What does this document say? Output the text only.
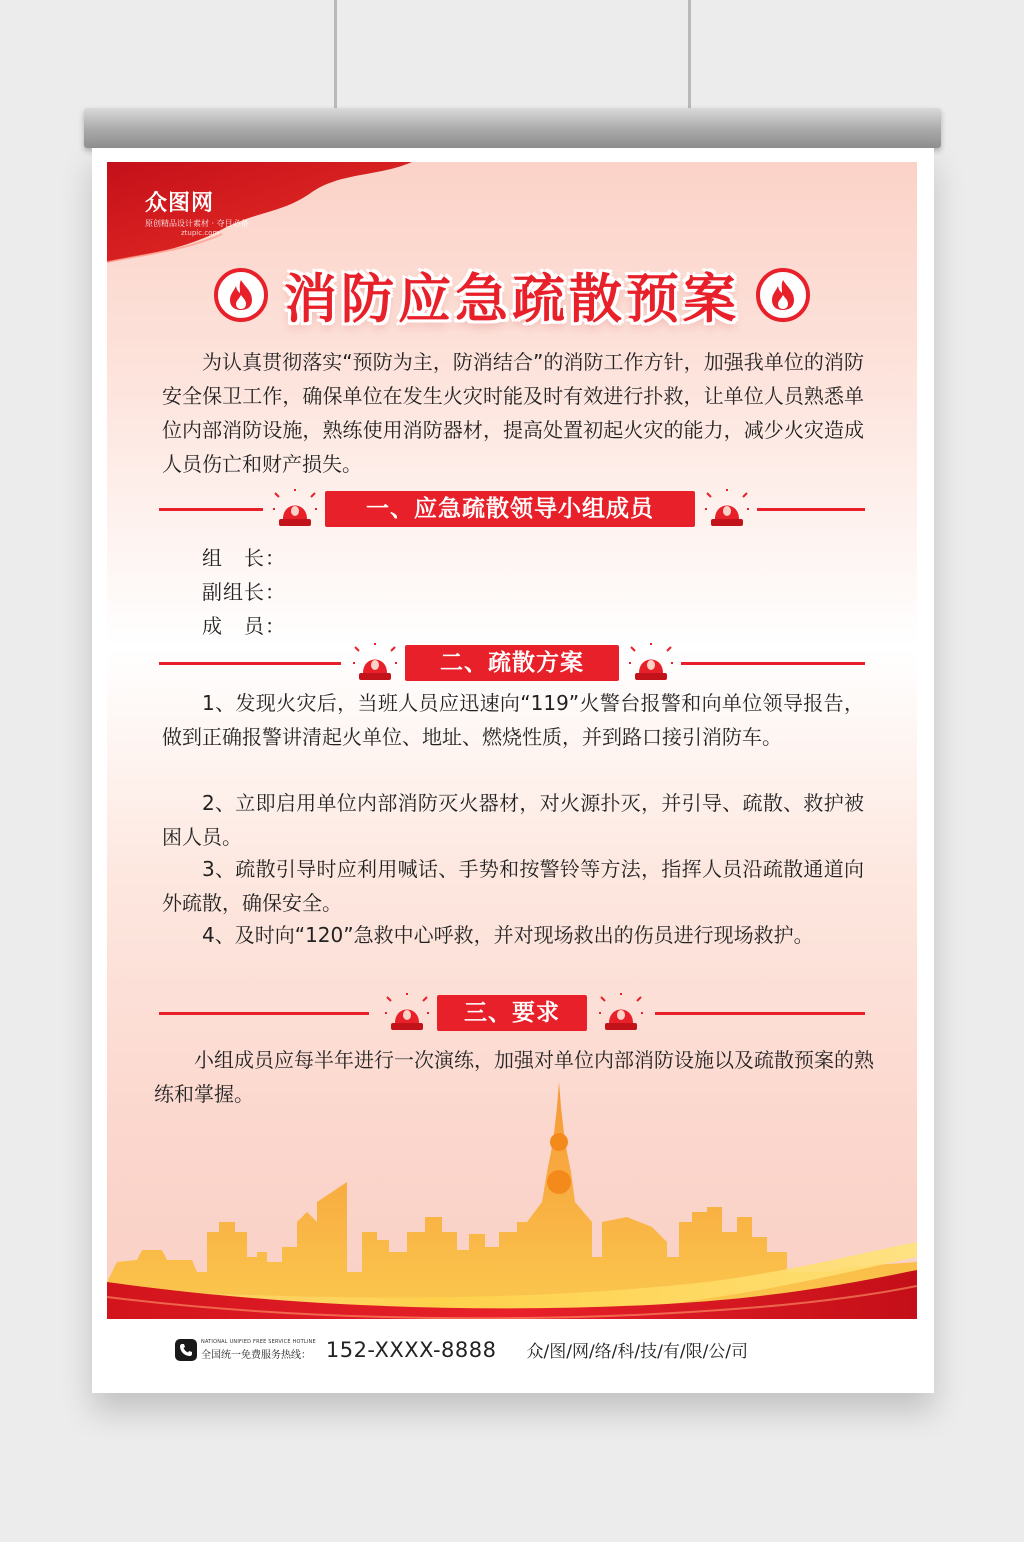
众图网
原创精品设计素材 · 夺目必备
ztupic.com
消防应急疏散预案

为认真贯彻落实“预防为主，防消结合”的消防工作方针，加强我单位的消防安全保卫工作，确保单位在发生火灾时能及时有效进行扑救，让单位人员熟悉单位内部消防设施，熟练使用消防器材，提高处置初起火灾的能力，减少火灾造成人员伤亡和财产损失。

一、应急疏散领导小组成员
组　长：
副组长：
成　员：
二、疏散方案

1、发现火灾后，当班人员应迅速向“119”火警台报警和向单位领导报告，做到正确报警讲清起火单位、地址、燃烧性质，并到路口接引消防车。

2、立即启用单位内部消防灭火器材，对火源扑灭，并引导、疏散、救护被困人员。

3、疏散引导时应利用喊话、手势和按警铃等方法，指挥人员沿疏散通道向外疏散，确保安全。

4、及时向“120”急救中心呼救，并对现场救出的伤员进行现场救护。

三、要求

小组成员应每半年进行一次演练，加强对单位内部消防设施以及疏散预案的熟练和掌握。

NATIONAL UNIFIED FREE SERVICE HOTLINE
全国统一免费服务热线： 152-XXXX-8888 众/图/网/络/科/技/有/限/公/司
